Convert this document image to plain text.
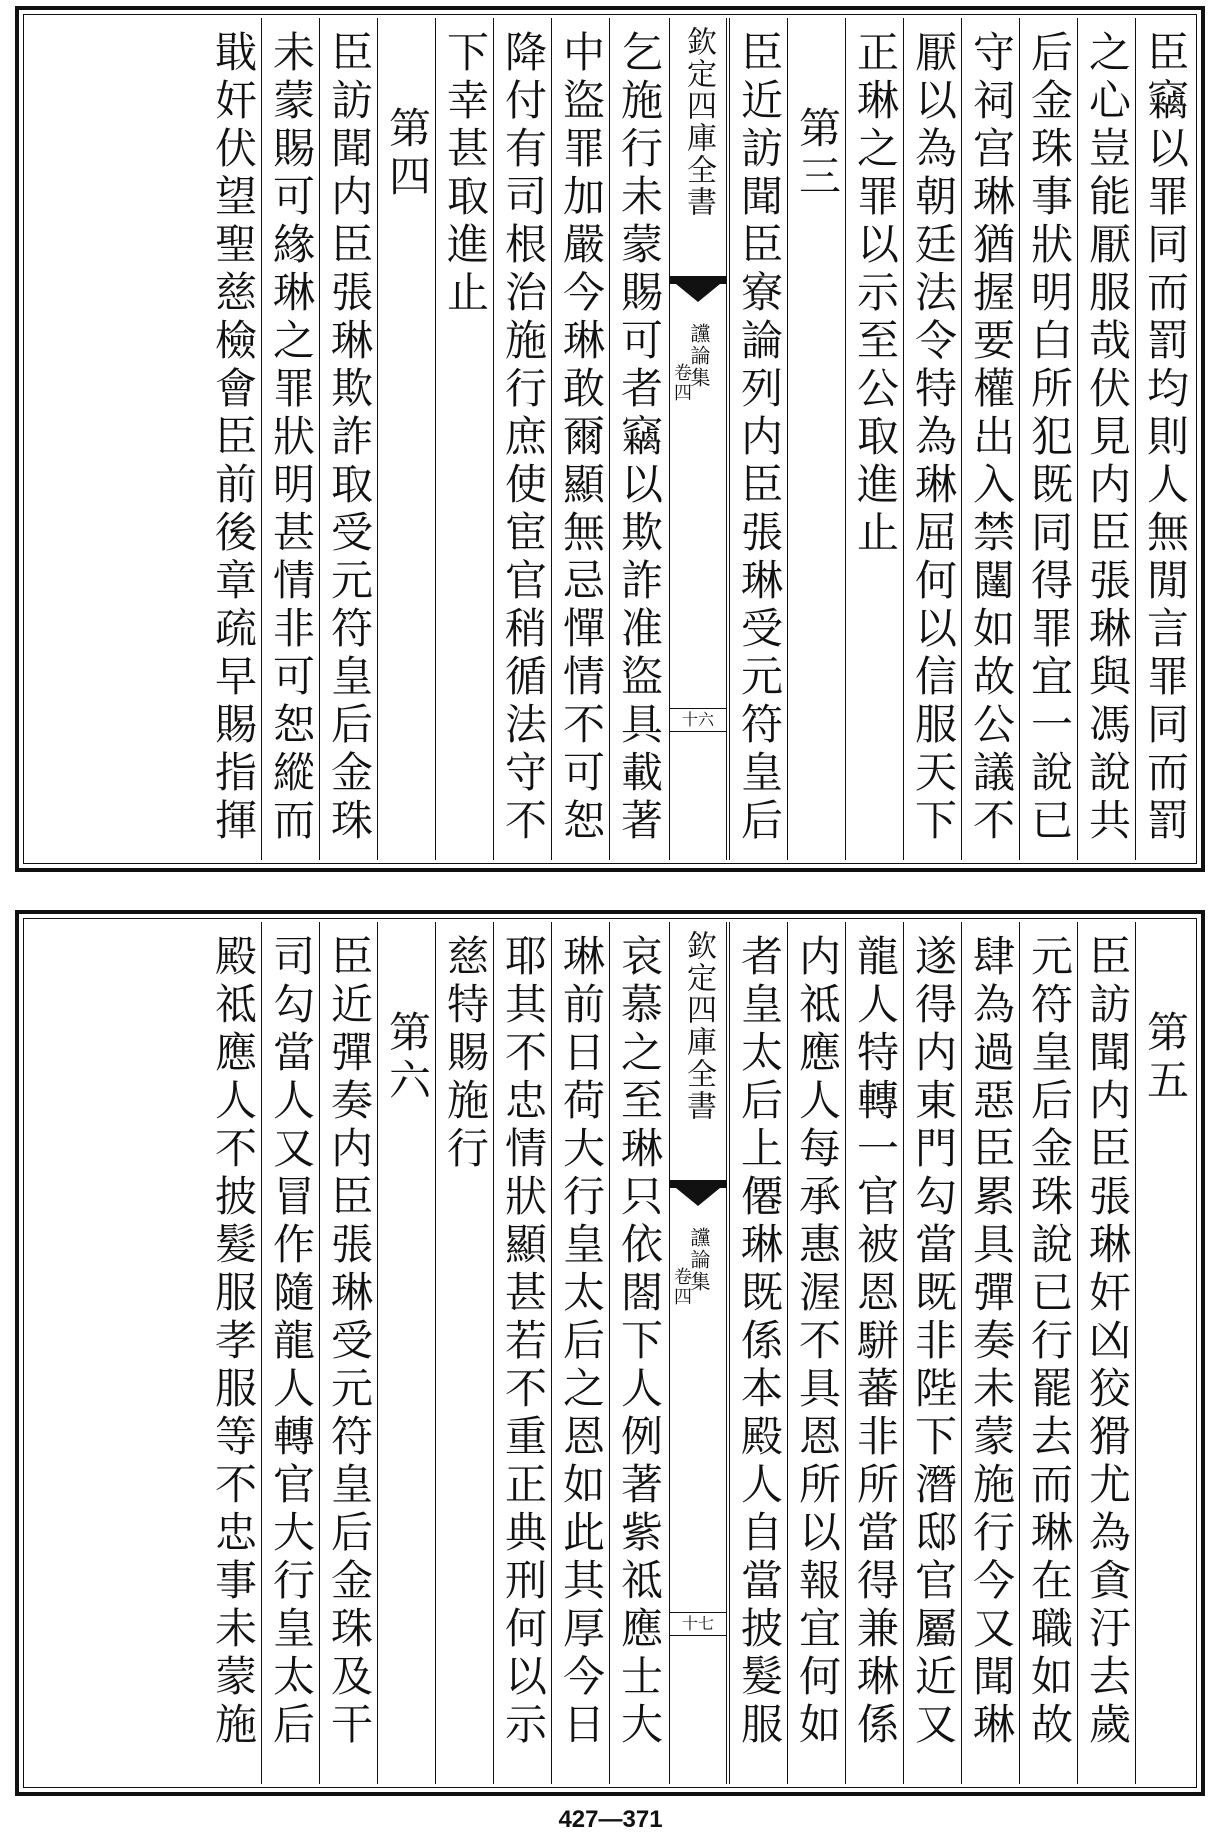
臣竊以罪同而罰均則人無閒言罪同而罰
之心豈能厭服哉伏見内臣張琳與馮說共
后金珠事狀明白所犯既同得罪宜一說已
守祠宫琳猶握要權出入禁闥如故公議不
厭以為朝廷法令特為琳屈何以信服天下
正琳之罪以示至公取進止
第三
臣近訪聞臣寮論列内臣張琳受元符皇后
欽定四庫全書
讜論集
卷四
十六
乞施行未蒙賜可者竊以欺詐准盜具載著
中盜罪加嚴今琳敢爾顯無忌憚情不可恕
降付有司根治施行庶使宦官稍循法守不
下幸甚取進止
第四
臣訪聞内臣張琳欺詐取受元符皇后金珠
未蒙賜可緣琳之罪狀明甚情非可恕縱而
戢奸伏望聖慈檢會臣前後章疏早賜指揮
第五
臣訪聞内臣張琳奸凶狡猾尤為貪汙去歲
元符皇后金珠說已行罷去而琳在職如故
肆為過惡臣累具彈奏未蒙施行今又聞琳
遂得内東門勾當既非陛下潛邸官屬近又
龍人特轉一官被恩駢蕃非所當得兼琳係
内祗應人每承惠渥不具恩所以報宜何如
者皇太后上僊琳既係本殿人自當披髮服
欽定四庫全書
讜論集
卷四
十七
哀慕之至琳只依閤下人例著紫祗應士大
琳前日荷大行皇太后之恩如此其厚今日
耶其不忠情狀顯甚若不重正典刑何以示
慈特賜施行
第六
臣近彈奏内臣張琳受元符皇后金珠及干
司勾當人又冒作隨龍人轉官大行皇太后
殿祗應人不披髮服孝服等不忠事未蒙施
427—371
